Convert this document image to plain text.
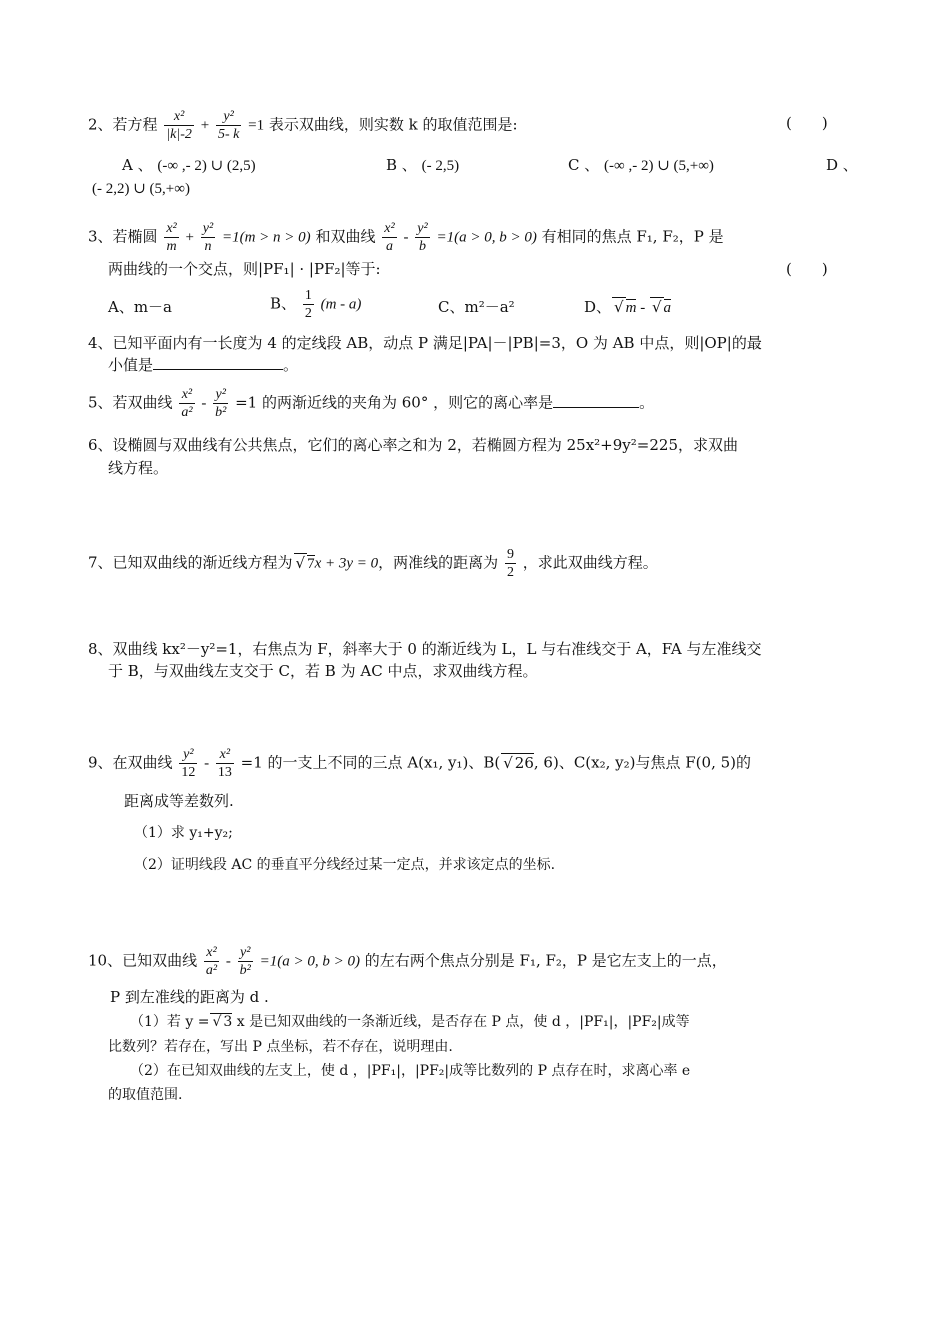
2、若方程 $\frac{\text{x²}}{|k|-2} + \frac{\text{y²}}{5- k} =1$ 表示双曲线，则实数 k 的取值范围是:	(　　)
A 、 (-∞ ,- 2) ∪ (2,5)	B 、 (- 2,5)	C 、 (-∞ ,- 2) ∪ (5,+∞)	D 、
(- 2,2) ∪ (5,+∞)
3、若椭圆 $\frac{\text{x²}}{m} + \frac{\text{y²}}{n} =1(m > n > 0)$ 和双曲线 $\frac{\text{x²}}{a} - \frac{\text{y²}}{b} =1(a > 0$, b > 0) 有相同的焦点 F₁, F₂，P 是
两曲线的一个交点，则|PF₁| · |PF₂|等于:	(　　)
A、m－a	B、 $\frac{1}{2} (m - a)$	C、m²－a²	D、 √ m - √ a
4、已知平面内有一长度为 4 的定线段 AB，动点 P 满足|PA|－|PB|=3，O 为 AB 中点，则|OP|的最
小值是	。
5、若双曲线 $\frac{\text{x²}}{\text{a²}} - \frac{\text{y²}}{\text{b²}} =1$ 的两渐近线的夹角为 60° ，则它的离心率是	。
6、设椭圆与双曲线有公共焦点，它们的离心率之和为 2，若椭圆方程为 25x²+9y²=225，求双曲
线方程。
7、已知双曲线的渐近线方程为 √ 7x + 3y = 0，两准线的距离为 $\frac{9}{2}$ ，求此双曲线方程。
8、双曲线 kx²－y²=1，右焦点为 F，斜率大于 0 的渐近线为 L，L 与右准线交于 A，FA 与左准线交
于 B，与双曲线左支交于 C，若 B 为 AC 中点，求双曲线方程。
9、在双曲线 $\frac{\text{y²}}{12} - \frac{\text{x²}}{13} =1$ 的一支上不同的三点 A(x₁, y₁)、B( √ 26, 6)、C(x₂, y₂)与焦点 F(0, 5)的
距离成等差数列.
（1）求 y₁+y₂;
（2）证明线段 AC 的垂直平分线经过某一定点，并求该定点的坐标.
10、已知双曲线 $\frac{\text{x²}}{\text{a²}} - \frac{\text{y²}}{\text{b²}} =1(a > 0$, b > 0) 的左右两个焦点分别是 F₁, F₂，P 是它左支上的一点，
P 到左准线的距离为 d .
（1）若 y = √ 3 x 是已知双曲线的一条渐近线，是否存在 P 点，使 d ，|PF₁|，|PF₂|成等
比数列？若存在，写出 P 点坐标，若不存在，说明理由.
（2）在已知双曲线的左支上，使 d ，|PF₁|，|PF₂|成等比数列的 P 点存在时，求离心率 e
的取值范围.
